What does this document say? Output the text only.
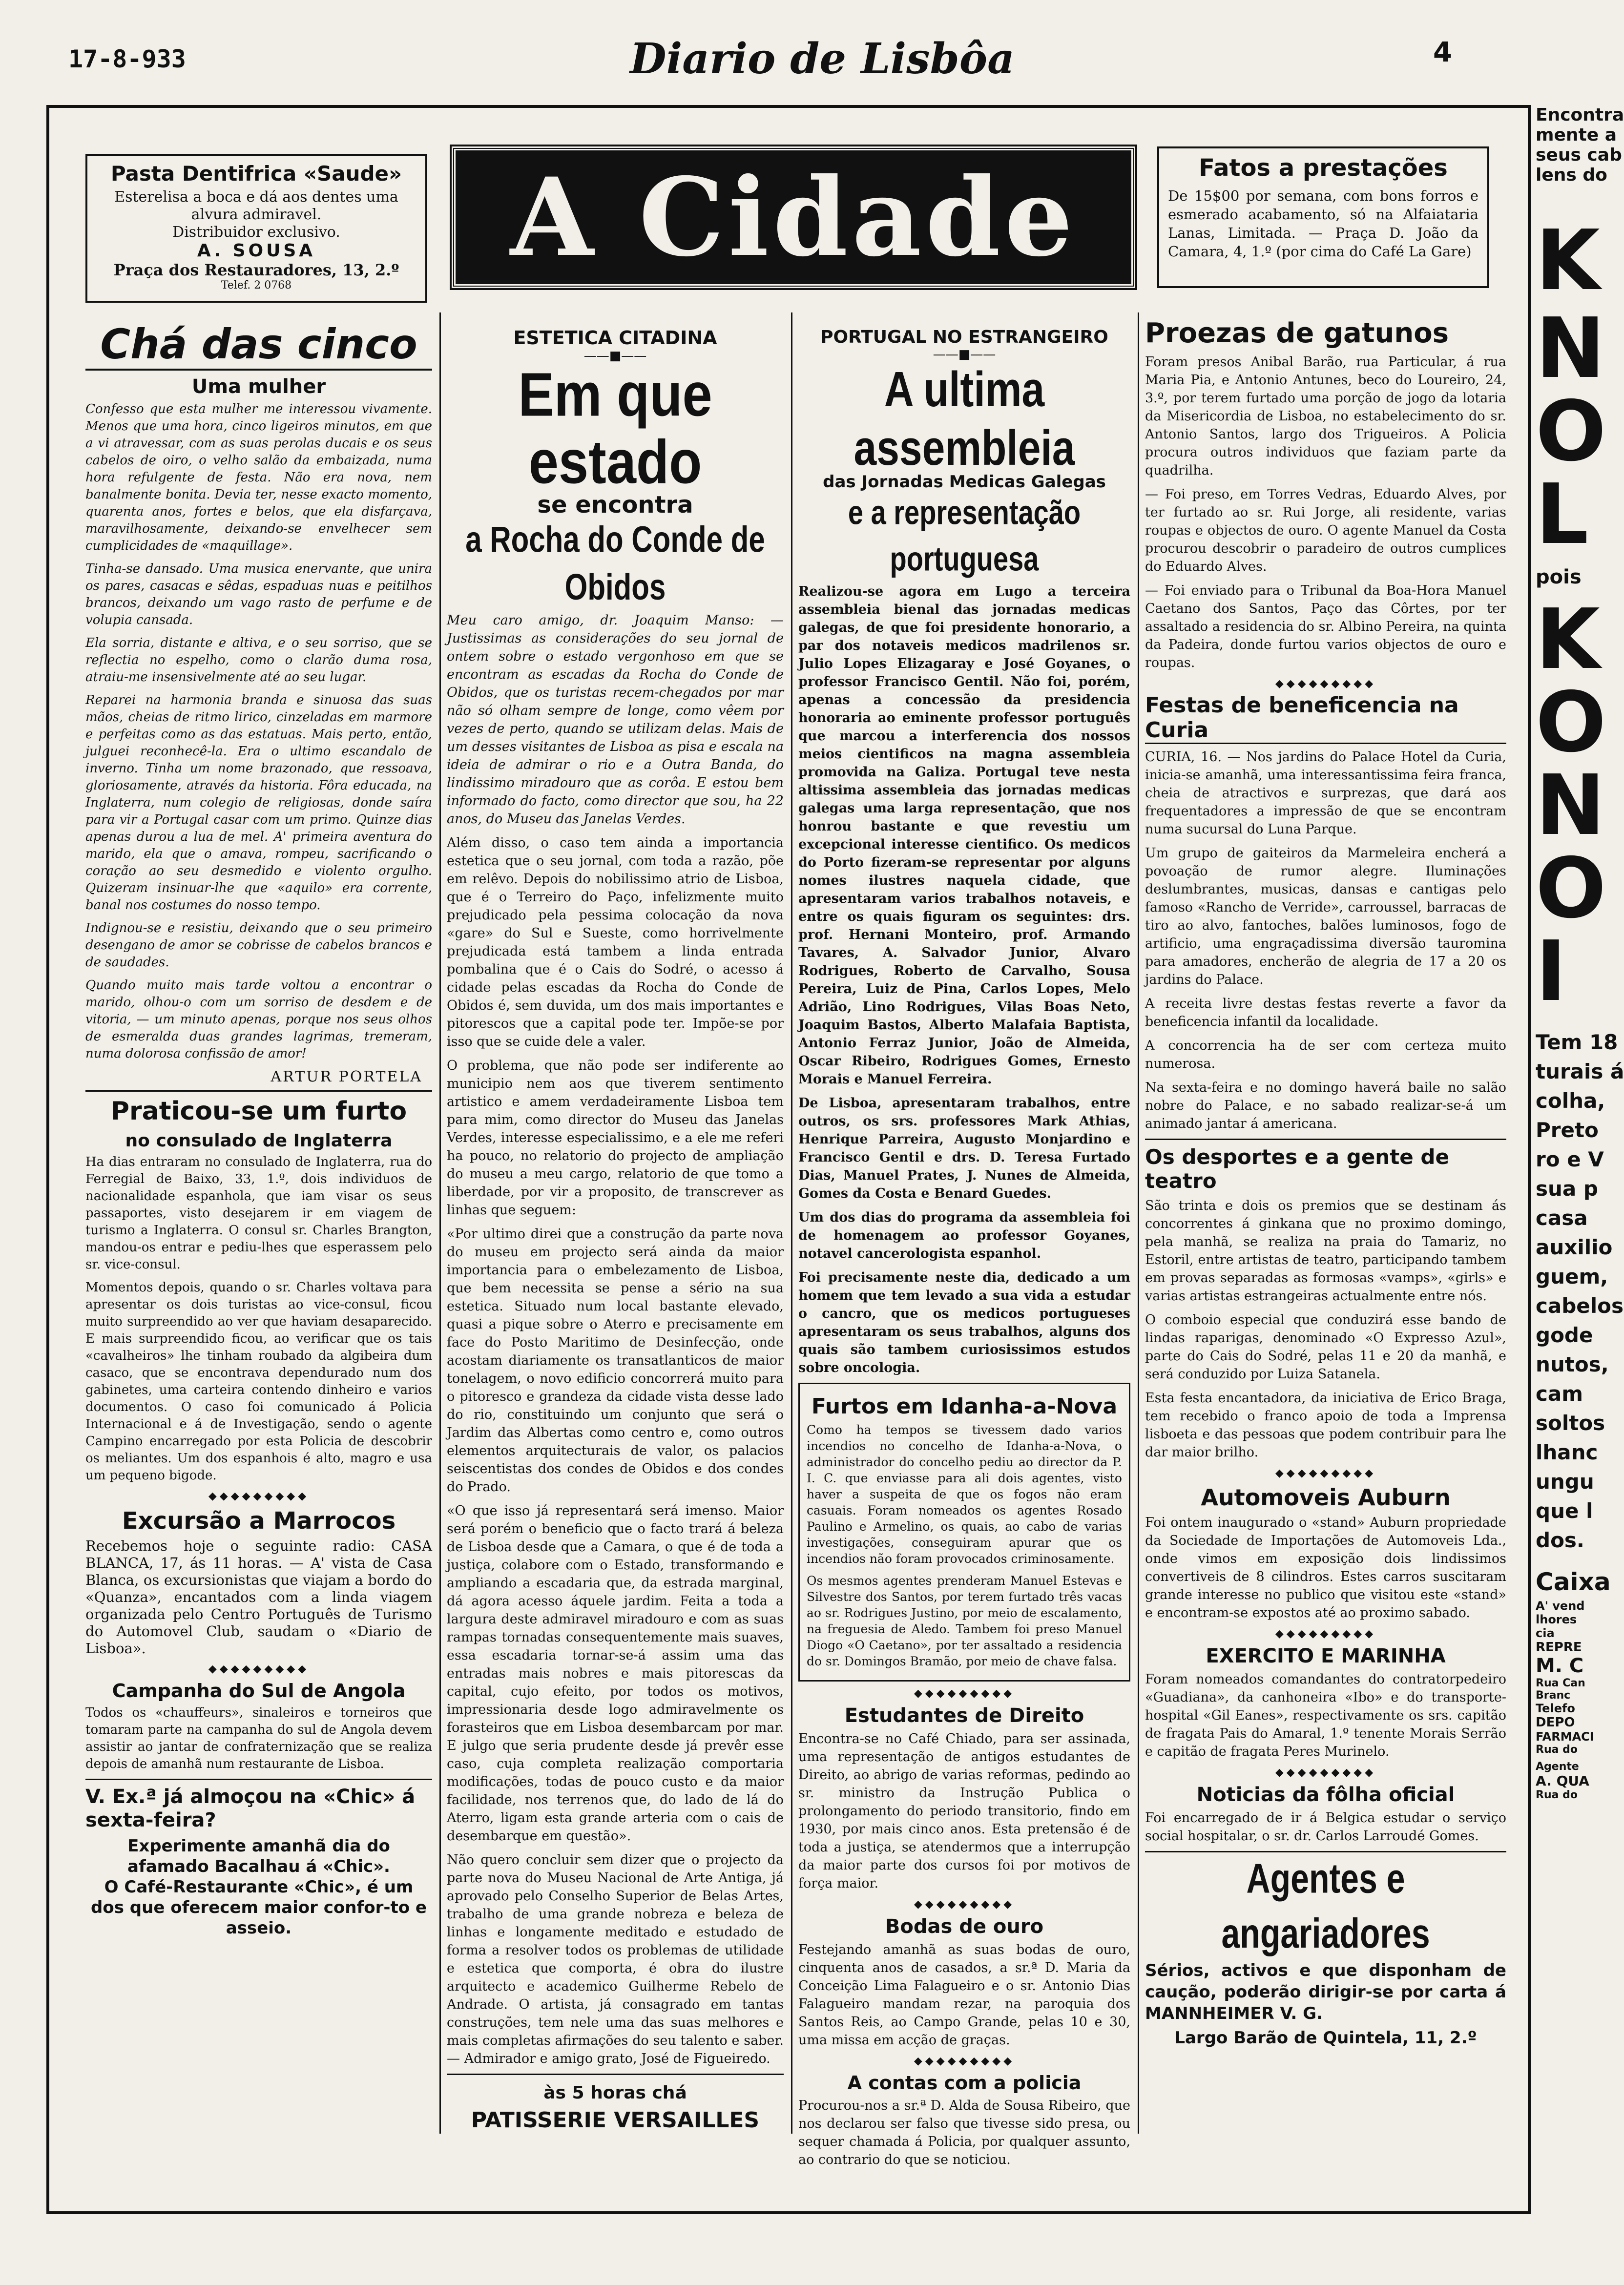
17-8-933	Diario de Lisbôa	4
Pasta Dentifrica «Saude»
Esterelisa a boca e dá aos dentes uma alvura admiravel.
Distribuidor exclusivo.
A. SOUSA
Praça dos Restauradores, 13, 2.º
Telef. 2 0768
A Cidade	Fatos a prestações
De 15$00 por semana, com bons forros e esmerado acabamento, só na Alfaiataria Lanas, Limitada. — Praça D. João da Camara, 4, 1.º (por cima do Café La Gare)
Chá das cinco
Uma mulher

Confesso que esta mulher me interessou vivamente. Menos que uma hora, cinco ligeiros minutos, em que a vi atravessar, com as suas perolas ducais e os seus cabelos de oiro, o velho salão da embaizada, numa hora refulgente de festa. Não era nova, nem banalmente bonita. Devia ter, nesse exacto momento, quarenta anos, fortes e belos, que ela disfarçava, maravilhosamente, deixando-se envelhecer sem cumplicidades de «maquillage».

Tinha-se dansado. Uma musica enervante, que unira os pares, casacas e sêdas, espaduas nuas e peitilhos brancos, deixando um vago rasto de perfume e de volupia cansada.

Ela sorria, distante e altiva, e o seu sorriso, que se reflectia no espelho, como o clarão duma rosa, atraiu-me insensivelmente até ao seu lugar.

Reparei na harmonia branda e sinuosa das suas mãos, cheias de ritmo lirico, cinzeladas em marmore e perfeitas como as das estatuas. Mais perto, então, julguei reconhecê-la. Era o ultimo escandalo de inverno. Tinha um nome brazonado, que ressoava, gloriosamente, através da historia. Fôra educada, na Inglaterra, num colegio de religiosas, donde saíra para vir a Portugal casar com um primo. Quinze dias apenas durou a lua de mel. A' primeira aventura do marido, ela que o amava, rompeu, sacrificando o coração ao seu desmedido e violento orgulho. Quizeram insinuar-lhe que «aquilo» era corrente, banal nos costumes do nosso tempo.

Indignou-se e resistiu, deixando que o seu primeiro desengano de amor se cobrisse de cabelos brancos e de saudades.

Quando muito mais tarde voltou a encontrar o marido, olhou-o com um sorriso de desdem e de vitoria, — um minuto apenas, porque nos seus olhos de esmeralda duas grandes lagrimas, tremeram, numa dolorosa confissão de amor!

ARTUR PORTELA
Praticou-se um furto
no consulado de Inglaterra

Ha dias entraram no consulado de Inglaterra, rua do Ferregial de Baixo, 33, 1.º, dois individuos de nacionalidade espanhola, que iam visar os seus passaportes, visto desejarem ir em viagem de turismo a Inglaterra. O consul sr. Charles Brangton, mandou-os entrar e pediu-lhes que esperassem pelo sr. vice-consul.

Momentos depois, quando o sr. Charles voltava para apresentar os dois turistas ao vice-consul, ficou muito surpreendido ao ver que haviam desaparecido. E mais surpreendido ficou, ao verificar que os tais «cavalheiros» lhe tinham roubado da algibeira dum casaco, que se encontrava dependurado num dos gabinetes, uma carteira contendo dinheiro e varios documentos. O caso foi comunicado á Policia Internacional e á de Investigação, sendo o agente Campino encarregado por esta Policia de descobrir os meliantes. Um dos espanhois é alto, magro e usa um pequeno bigode.

◆◆◆◆◆◆◆◆◆
Excursão a Marrocos

Recebemos hoje o seguinte radio: CASA BLANCA, 17, ás 11 horas. — A' vista de Casa Blanca, os excursionistas que viajam a bordo do «Quanza», encantados com a linda viagem organizada pelo Centro Português de Turismo do Automovel Club, saudam o «Diario de Lisboa».

◆◆◆◆◆◆◆◆◆
Campanha do Sul de Angola

Todos os «chauffeurs», sinaleiros e torneiros que tomaram parte na campanha do sul de Angola devem assistir ao jantar de confraternização que se realiza depois de amanhã num restaurante de Lisboa.

V. Ex.ª já almoçou na «Chic» á sexta-feira?
Experimente amanhã dia do afamado Bacalhau á «Chic».
O Café-Restaurante «Chic», é um dos que oferecem maior confor-to e asseio.
ESTETICA CITADINA
——■——
Em que estado
se encontra
a Rocha do Conde de Obidos

Meu caro amigo, dr. Joaquim Manso: — Justissimas as considerações do seu jornal de ontem sobre o estado vergonhoso em que se encontram as escadas da Rocha do Conde de Obidos, que os turistas recem-chegados por mar não só olham sempre de longe, como vêem por vezes de perto, quando se utilizam delas. Mais de um desses visitantes de Lisboa as pisa e escala na ideia de admirar o rio e a Outra Banda, do lindissimo miradouro que as corôa. E estou bem informado do facto, como director que sou, ha 22 anos, do Museu das Janelas Verdes.

Além disso, o caso tem ainda a importancia estetica que o seu jornal, com toda a razão, põe em relêvo. Depois do nobilissimo atrio de Lisboa, que é o Terreiro do Paço, infelizmente muito prejudicado pela pessima colocação da nova «gare» do Sul e Sueste, como horrivelmente prejudicada está tambem a linda entrada pombalina que é o Cais do Sodré, o acesso á cidade pelas escadas da Rocha do Conde de Obidos é, sem duvida, um dos mais importantes e pitorescos que a capital pode ter. Impõe-se por isso que se cuide dele a valer.

O problema, que não pode ser indiferente ao municipio nem aos que tiverem sentimento artistico e amem verdadeiramente Lisboa tem para mim, como director do Museu das Janelas Verdes, interesse especialissimo, e a ele me referi ha pouco, no relatorio do projecto de ampliação do museu a meu cargo, relatorio de que tomo a liberdade, por vir a proposito, de transcrever as linhas que seguem:

«Por ultimo direi que a construção da parte nova do museu em projecto será ainda da maior importancia para o embelezamento de Lisboa, que bem necessita se pense a sério na sua estetica. Situado num local bastante elevado, quasi a pique sobre o Aterro e precisamente em face do Posto Maritimo de Desinfecção, onde acostam diariamente os transatlanticos de maior tonelagem, o novo edificio concorrerá muito para o pitoresco e grandeza da cidade vista desse lado do rio, constituindo um conjunto que será o Jardim das Albertas como centro e, como outros elementos arquitecturais de valor, os palacios seiscentistas dos condes de Obidos e dos condes do Prado.

«O que isso já representará será imenso. Maior será porém o beneficio que o facto trará á beleza de Lisboa desde que a Camara, o que é de toda a justiça, colabore com o Estado, transformando e ampliando a escadaria que, da estrada marginal, dá agora acesso áquele jardim. Feita a toda a largura deste admiravel miradouro e com as suas rampas tornadas consequentemente mais suaves, essa escadaria tornar-se-á assim uma das entradas mais nobres e mais pitorescas da capital, cujo efeito, por todos os motivos, impressionaria desde logo admiravelmente os forasteiros que em Lisboa desembarcam por mar. E julgo que seria prudente desde já prevêr esse caso, cuja completa realização comportaria modificações, todas de pouco custo e da maior facilidade, nos terrenos que, do lado de lá do Aterro, ligam esta grande arteria com o cais de desembarque em questão».

Não quero concluir sem dizer que o projecto da parte nova do Museu Nacional de Arte Antiga, já aprovado pelo Conselho Superior de Belas Artes, trabalho de uma grande nobreza e beleza de linhas e longamente meditado e estudado de forma a resolver todos os problemas de utilidade e estetica que comporta, é obra do ilustre arquitecto e academico Guilherme Rebelo de Andrade. O artista, já consagrado em tantas construções, tem nele uma das suas melhores e mais completas afirmações do seu talento e saber. — Admirador e amigo grato, José de Figueiredo.

às 5 horas chá
PATISSERIE VERSAILLES
PORTUGAL NO ESTRANGEIRO
——■——
A ultima assembleia
das Jornadas Medicas Galegas
e a representação portuguesa

Realizou-se agora em Lugo a terceira assembleia bienal das jornadas medicas galegas, de que foi presidente honorario, a par dos notaveis medicos madrilenos sr. Julio Lopes Elizagaray e José Goyanes, o professor Francisco Gentil. Não foi, porém, apenas a concessão da presidencia honoraria ao eminente professor português que marcou a interferencia dos nossos meios cientificos na magna assembleia promovida na Galiza. Portugal teve nesta altissima assembleia das jornadas medicas galegas uma larga representação, que nos honrou bastante e que revestiu um excepcional interesse cientifico. Os medicos do Porto fizeram-se representar por alguns nomes ilustres naquela cidade, que apresentaram varios trabalhos notaveis, e entre os quais figuram os seguintes: drs. prof. Hernani Monteiro, prof. Armando Tavares, A. Salvador Junior, Alvaro Rodrigues, Roberto de Carvalho, Sousa Pereira, Luiz de Pina, Carlos Lopes, Melo Adrião, Lino Rodrigues, Vilas Boas Neto, Joaquim Bastos, Alberto Malafaia Baptista, Antonio Ferraz Junior, João de Almeida, Oscar Ribeiro, Rodrigues Gomes, Ernesto Morais e Manuel Ferreira.

De Lisboa, apresentaram trabalhos, entre outros, os srs. professores Mark Athias, Henrique Parreira, Augusto Monjardino e Francisco Gentil e drs. D. Teresa Furtado Dias, Manuel Prates, J. Nunes de Almeida, Gomes da Costa e Benard Guedes.

Um dos dias do programa da assembleia foi de homenagem ao professor Goyanes, notavel cancerologista espanhol.

Foi precisamente neste dia, dedicado a um homem que tem levado a sua vida a estudar o cancro, que os medicos portugueses apresentaram os seus trabalhos, alguns dos quais são tambem curiosissimos estudos sobre oncologia.

Furtos em Idanha-a-Nova

Como ha tempos se tivessem dado varios incendios no concelho de Idanha-a-Nova, o administrador do concelho pediu ao director da P. I. C. que enviasse para ali dois agentes, visto haver a suspeita de que os fogos não eram casuais. Foram nomeados os agentes Rosado Paulino e Armelino, os quais, ao cabo de varias investigações, conseguiram apurar que os incendios não foram provocados criminosamente.

Os mesmos agentes prenderam Manuel Estevas e Silvestre dos Santos, por terem furtado três vacas ao sr. Rodrigues Justino, por meio de escalamento, na freguesia de Aledo. Tambem foi preso Manuel Diogo «O Caetano», por ter assaltado a residencia do sr. Domingos Bramão, por meio de chave falsa.

◆◆◆◆◆◆◆◆◆
Estudantes de Direito

Encontra-se no Café Chiado, para ser assinada, uma representação de antigos estudantes de Direito, ao abrigo de varias reformas, pedindo ao sr. ministro da Instrução Publica o prolongamento do periodo transitorio, findo em 1930, por mais cinco anos. Esta pretensão é de toda a justiça, se atendermos que a interrupção da maior parte dos cursos foi por motivos de força maior.

◆◆◆◆◆◆◆◆◆
Bodas de ouro

Festejando amanhã as suas bodas de ouro, cinquenta anos de casados, a sr.ª D. Maria da Conceição Lima Falagueiro e o sr. Antonio Dias Falagueiro mandam rezar, na paroquia dos Santos Reis, ao Campo Grande, pelas 10 e 30, uma missa em acção de graças.

◆◆◆◆◆◆◆◆◆
A contas com a policia

Procurou-nos a sr.ª D. Alda de Sousa Ribeiro, que nos declarou ser falso que tivesse sido presa, ou sequer chamada á Policia, por qualquer assunto, ao contrario do que se noticiou.

Proezas de gatunos

Foram presos Anibal Barão, rua Particular, á rua Maria Pia, e Antonio Antunes, beco do Loureiro, 24, 3.º, por terem furtado uma porção de jogo da lotaria da Misericordia de Lisboa, no estabelecimento do sr. Antonio Santos, largo dos Trigueiros. A Policia procura outros individuos que faziam parte da quadrilha.

— Foi preso, em Torres Vedras, Eduardo Alves, por ter furtado ao sr. Rui Jorge, ali residente, varias roupas e objectos de ouro. O agente Manuel da Costa procurou descobrir o paradeiro de outros cumplices do Eduardo Alves.

— Foi enviado para o Tribunal da Boa-Hora Manuel Caetano dos Santos, Paço das Côrtes, por ter assaltado a residencia do sr. Albino Pereira, na quinta da Padeira, donde furtou varios objectos de ouro e roupas.

◆◆◆◆◆◆◆◆◆
Festas de beneficencia na Curia

CURIA, 16. — Nos jardins do Palace Hotel da Curia, inicia-se amanhã, uma interessantissima feira franca, cheia de atractivos e surprezas, que dará aos frequentadores a impressão de que se encontram numa sucursal do Luna Parque.

Um grupo de gaiteiros da Marmeleira encherá a povoação de rumor alegre. Iluminações deslumbrantes, musicas, dansas e cantigas pelo famoso «Rancho de Verride», carroussel, barracas de tiro ao alvo, fantoches, balões luminosos, fogo de artificio, uma engraçadissima diversão tauromina para amadores, encherão de alegria de 17 a 20 os jardins do Palace.

A receita livre destas festas reverte a favor da beneficencia infantil da localidade.

A concorrencia ha de ser com certeza muito numerosa.

Na sexta-feira e no domingo haverá baile no salão nobre do Palace, e no sabado realizar-se-á um animado jantar á americana.

Os desportes e a gente de teatro

São trinta e dois os premios que se destinam ás concorrentes á ginkana que no proximo domingo, pela manhã, se realiza na praia do Tamariz, no Estoril, entre artistas de teatro, participando tambem em provas separadas as formosas «vamps», «girls» e varias artistas estrangeiras actualmente entre nós.

O comboio especial que conduzirá esse bando de lindas raparigas, denominado «O Expresso Azul», parte do Cais do Sodré, pelas 11 e 20 da manhã, e será conduzido por Luiza Satanela.

Esta festa encantadora, da iniciativa de Erico Braga, tem recebido o franco apoio de toda a Imprensa lisboeta e das pessoas que podem contribuir para lhe dar maior brilho.

◆◆◆◆◆◆◆◆◆
Automoveis Auburn

Foi ontem inaugurado o «stand» Auburn propriedade da Sociedade de Importações de Automoveis Lda., onde vimos em exposição dois lindissimos convertiveis de 8 cilindros. Estes carros suscitaram grande interesse no publico que visitou este «stand» e encontram-se expostos até ao proximo sabado.

◆◆◆◆◆◆◆◆◆
EXERCITO E MARINHA

Foram nomeados comandantes do contratorpedeiro «Guadiana», da canhoneira «Ibo» e do transporte-hospital «Gil Eanes», respectivamente os srs. capitão de fragata Pais do Amaral, 1.º tenente Morais Serrão e capitão de fragata Peres Murinelo.

◆◆◆◆◆◆◆◆◆
Noticias da fôlha oficial

Foi encarregado de ir á Belgica estudar o serviço social hospitalar, o sr. dr. Carlos Larroudé Gomes.

Agentes e angariadores
Sérios, activos e que disponham de caução, poderão dirigir-se por carta á MANNHEIMER V. G.
Largo Barão de Quintela, 11, 2.º
Encontra
mente a
seus cab
lens do
K
N
O
L
pois
K
O
N
O
I
Tem 18
turais á
colha,
Preto
ro e V
sua p
casa
auxilio
guem,
cabelos
gode
nutos,
cam
soltos
lhanc
ungu
que l
dos.
Caixa
A' vend
lhores
cia
REPRE
M. C
Rua Can
Branc
Telefo
DEPO
FARMACI
Rua do
Agente
A. QUA
Rua do
